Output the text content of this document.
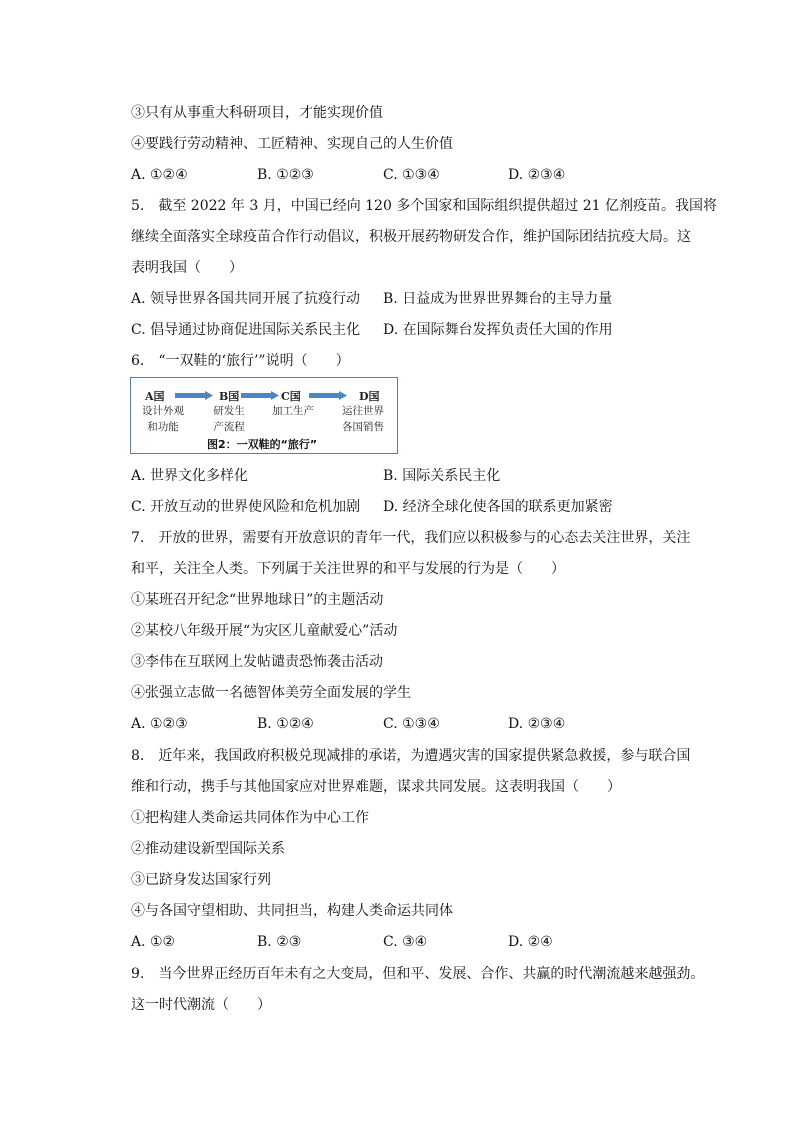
③只有从事重大科研项目，才能实现价值
④要践行劳动精神、工匠精神、实现自己的人生价值
A. ①②④	B. ①②③	C. ①③④	D. ②③④
5.　截至 2022 年 3 月，中国已经向 120 多个国家和国际组织提供超过 21 亿剂疫苗。我国将
继续全面落实全球疫苗合作行动倡议，积极开展药物研发合作，维护国际团结抗疫大局。这
表明我国（　　）
A. 领导世界各国共同开展了抗疫行动 B. 日益成为世界世界舞台的主导力量
C. 倡导通过协商促进国际关系民主化 D. 在国际舞台发挥负责任大国的作用
6.　“一双鞋的‘旅行’”说明（　　）
A国	B国	C国	D国
设计外观
和功能
研发生
产流程
加工生产	运往世界
各国销售
图2：一双鞋的“旅行”
A. 世界文化多样化	B. 国际关系民主化
C. 开放互动的世界使风险和危机加剧 D. 经济全球化使各国的联系更加紧密
7.　开放的世界，需要有开放意识的青年一代，我们应以积极参与的心态去关注世界，关注
和平，关注全人类。下列属于关注世界的和平与发展的行为是（　　）
①某班召开纪念“世界地球日”的主题活动
②某校八年级开展“为灾区儿童献爱心”活动
③李伟在互联网上发帖谴责恐怖袭击活动
④张强立志做一名德智体美劳全面发展的学生
A. ①②③	B. ①②④	C. ①③④	D. ②③④
8.　近年来，我国政府积极兑现减排的承诺，为遭遇灾害的国家提供紧急救援，参与联合国
维和行动，携手与其他国家应对世界难题，谋求共同发展。这表明我国（　　）
①把构建人类命运共同体作为中心工作
②推动建设新型国际关系
③已跻身发达国家行列
④与各国守望相助、共同担当，构建人类命运共同体
A. ①②	B. ②③	C. ③④	D. ②④
9.　当今世界正经历百年未有之大变局，但和平、发展、合作、共赢的时代潮流越来越强劲。
这一时代潮流（　　）
